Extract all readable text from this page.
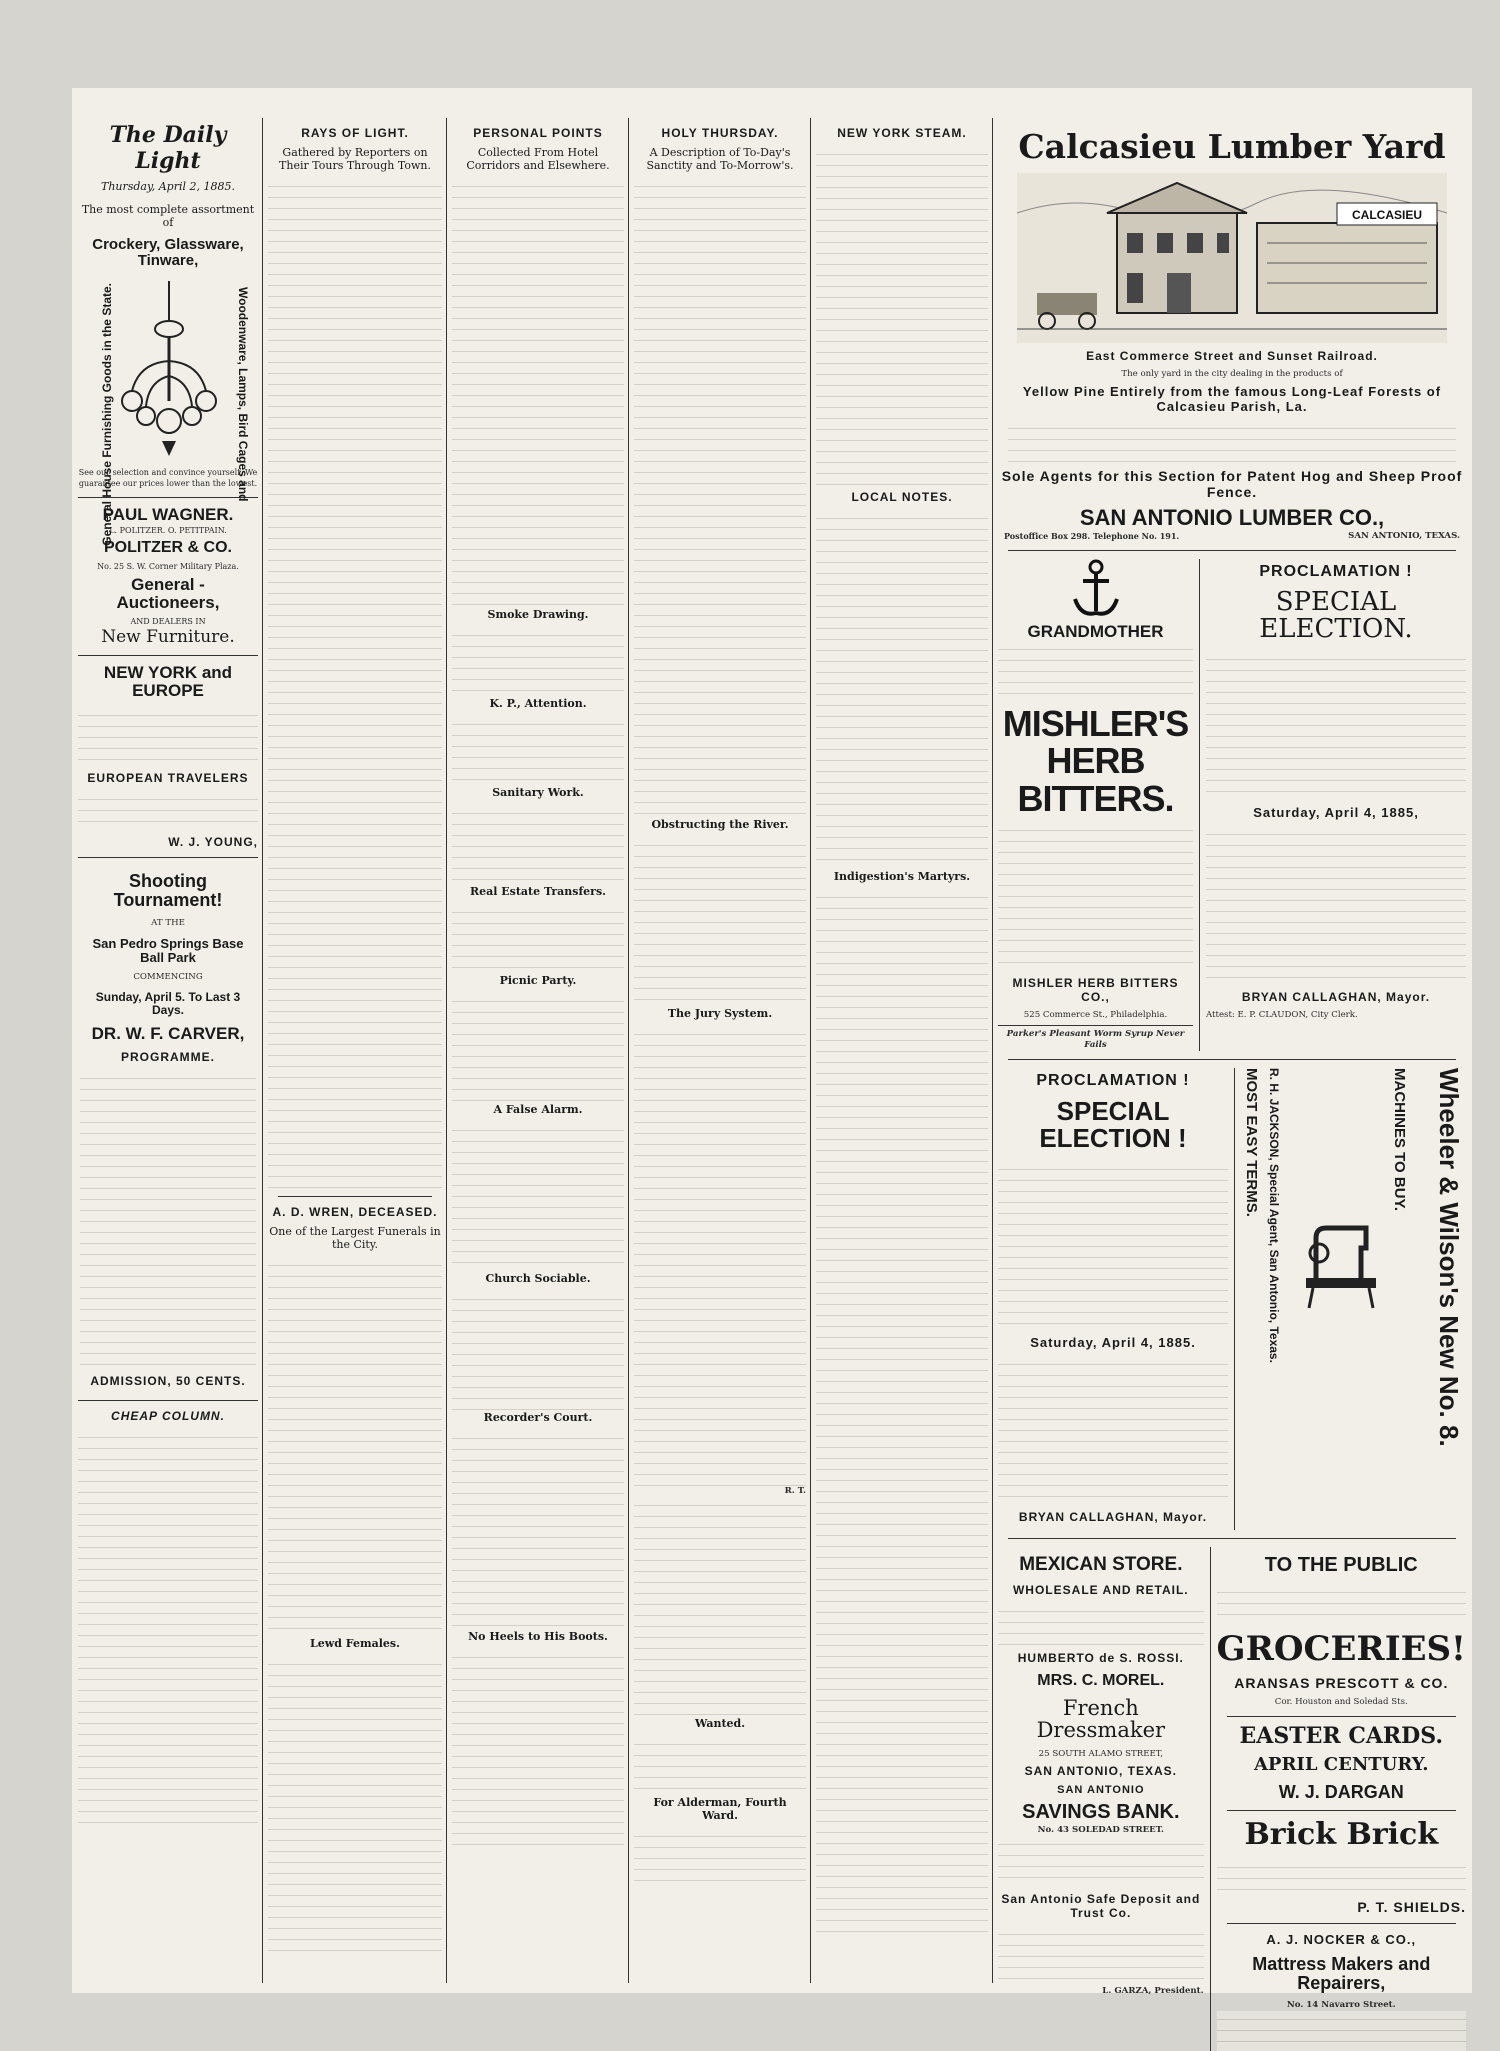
The Daily Light
Thursday, April 2, 1885.
The most complete assortment of
Crockery, Glassware, Tinware,
General House Furnishing Goods in the State.	Woodenware, Lamps, Bird Cages and
See our selection and convince yourself. We guarantee our prices lower than the lowest.
PAUL WAGNER.
L. POLITZER. O. PETITPAIN.
POLITZER & CO.
No. 25 S. W. Corner Military Plaza.
General - Auctioneers,
AND DEALERS IN
New Furniture.
NEW YORK and EUROPE
EUROPEAN TRAVELERS
W. J. YOUNG,
Shooting Tournament!
AT THE
San Pedro Springs Base Ball Park
COMMENCING
Sunday, April 5. To Last 3 Days.
DR. W. F. CARVER,
PROGRAMME.
ADMISSION, 50 CENTS.
CHEAP COLUMN.
RAYS OF LIGHT.
Gathered by Reporters on Their Tours Through Town.
A. D. WREN, DECEASED.
One of the Largest Funerals in the City.
Lewd Females.
PERSONAL POINTS
Collected From Hotel Corridors and Elsewhere.
Smoke Drawing.
K. P., Attention.
Sanitary Work.
Real Estate Transfers.
Picnic Party.
A False Alarm.
Church Sociable.
Recorder's Court.
No Heels to His Boots.
HOLY THURSDAY.
A Description of To-Day's Sanctity and To-Morrow's.
Obstructing the River.
The Jury System.
R. T.
Wanted.
For Alderman, Fourth Ward.
NEW YORK STEAM.
LOCAL NOTES.
Indigestion's Martyrs.
Calcasieu Lumber Yard
CALCASIEU
East Commerce Street and Sunset Railroad.
The only yard in the city dealing in the products of
Yellow Pine Entirely from the famous Long-Leaf Forests of Calcasieu Parish, La.
Sole Agents for this Section for Patent Hog and Sheep Proof Fence.
SAN ANTONIO LUMBER CO.,
Postoffice Box 298. Telephone No. 191.	SAN ANTONIO, TEXAS.
GRANDMOTHER
MISHLER'S HERB BITTERS.
MISHLER HERB BITTERS CO.,
525 Commerce St., Philadelphia.
Parker's Pleasant Worm Syrup Never Fails
PROCLAMATION !
SPECIAL ELECTION.
Saturday, April 4, 1885,
BRYAN CALLAGHAN, Mayor.
Attest: E. P. CLAUDON, City Clerk.
PROCLAMATION !
SPECIAL ELECTION !
Saturday, April 4, 1885.
BRYAN CALLAGHAN, Mayor.
MOST EASY TERMS. R. H. JACKSON, Special Agent, San Antonio, Texas.	MACHINES TO BUY. Wheeler & Wilson's New No. 8.
MEXICAN STORE.
WHOLESALE AND RETAIL.
HUMBERTO de S. ROSSI.
MRS. C. MOREL.
French Dressmaker
25 SOUTH ALAMO STREET,
SAN ANTONIO, TEXAS.
SAN ANTONIO
SAVINGS BANK.
No. 43 SOLEDAD STREET.
San Antonio Safe Deposit and Trust Co.
L. GARZA, President.
TO THE PUBLIC
GROCERIES!
ARANSAS PRESCOTT & CO.
Cor. Houston and Soledad Sts.
EASTER CARDS.
APRIL CENTURY.
W. J. DARGAN
Brick Brick
P. T. SHIELDS.
A. J. NOCKER & CO.,
Mattress Makers and Repairers,
No. 14 Navarro Street.
